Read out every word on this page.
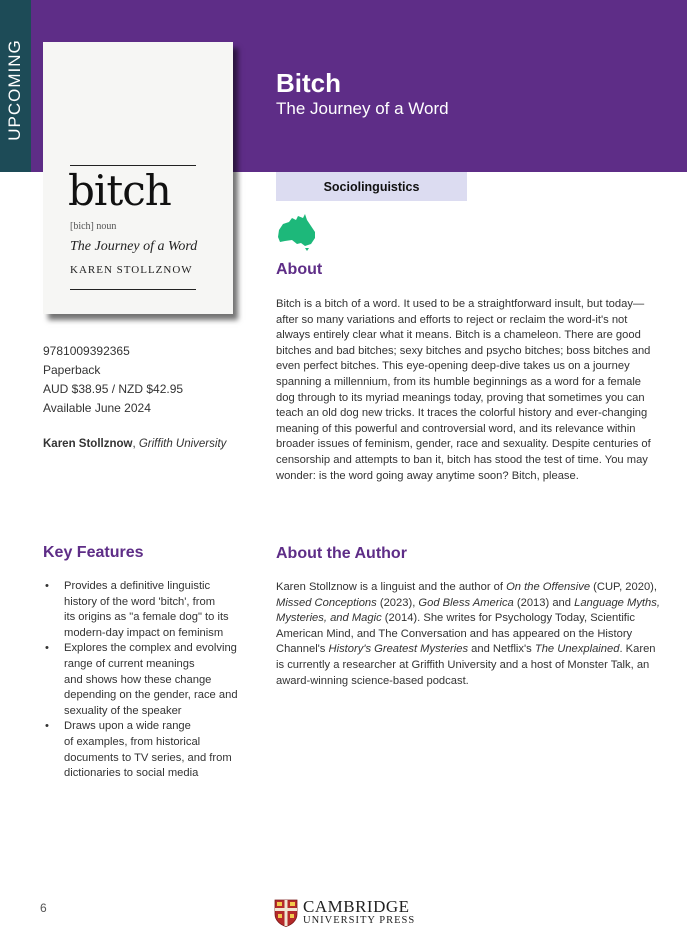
UPCOMING	Bitch
The Journey of a Word
bitch
[bich] noun
The Journey of a Word
KAREN STOLLZNOW
9781009392365
Paperback
AUD $38.95 / NZD $42.95
Available June 2024
Karen Stollznow, Griffith University
Sociolinguistics
About
Bitch is a bitch of a word. It used to be a straightforward insult, but today—
after so many variations and efforts to reject or reclaim the word-it's not
always entirely clear what it means. Bitch is a chameleon. There are good
bitches and bad bitches; sexy bitches and psycho bitches; boss bitches and
even perfect bitches. This eye-opening deep-dive takes us on a journey
spanning a millennium, from its humble beginnings as a word for a female
dog through to its myriad meanings today, proving that sometimes you can
teach an old dog new tricks. It traces the colorful history and ever-changing
meaning of this powerful and controversial word, and its relevance within
broader issues of feminism, gender, race and sexuality. Despite centuries of
censorship and attempts to ban it, bitch has stood the test of time. You may
wonder: is the word going away anytime soon? Bitch, please.
Key Features
• Provides a definitive linguistic
history of the word 'bitch', from
its origins as "a female dog" to its
modern-day impact on feminism
• Explores the complex and evolving
range of current meanings
and shows how these change
depending on the gender, race and
sexuality of the speaker
• Draws upon a wide range
of examples, from historical
documents to TV series, and from
dictionaries to social media
About the Author
Karen Stollznow is a linguist and the author of On the Offensive (CUP, 2020),
Missed Conceptions (2023), God Bless America (2013) and Language Myths,
Mysteries, and Magic (2014). She writes for Psychology Today, Scientific
American Mind, and The Conversation and has appeared on the History
Channel's History's Greatest Mysteries and Netflix's The Unexplained. Karen
is currently a researcher at Griffith University and a host of Monster Talk, an
award-winning science-based podcast.
6	CAMBRIDGE
UNIVERSITY PRESS
